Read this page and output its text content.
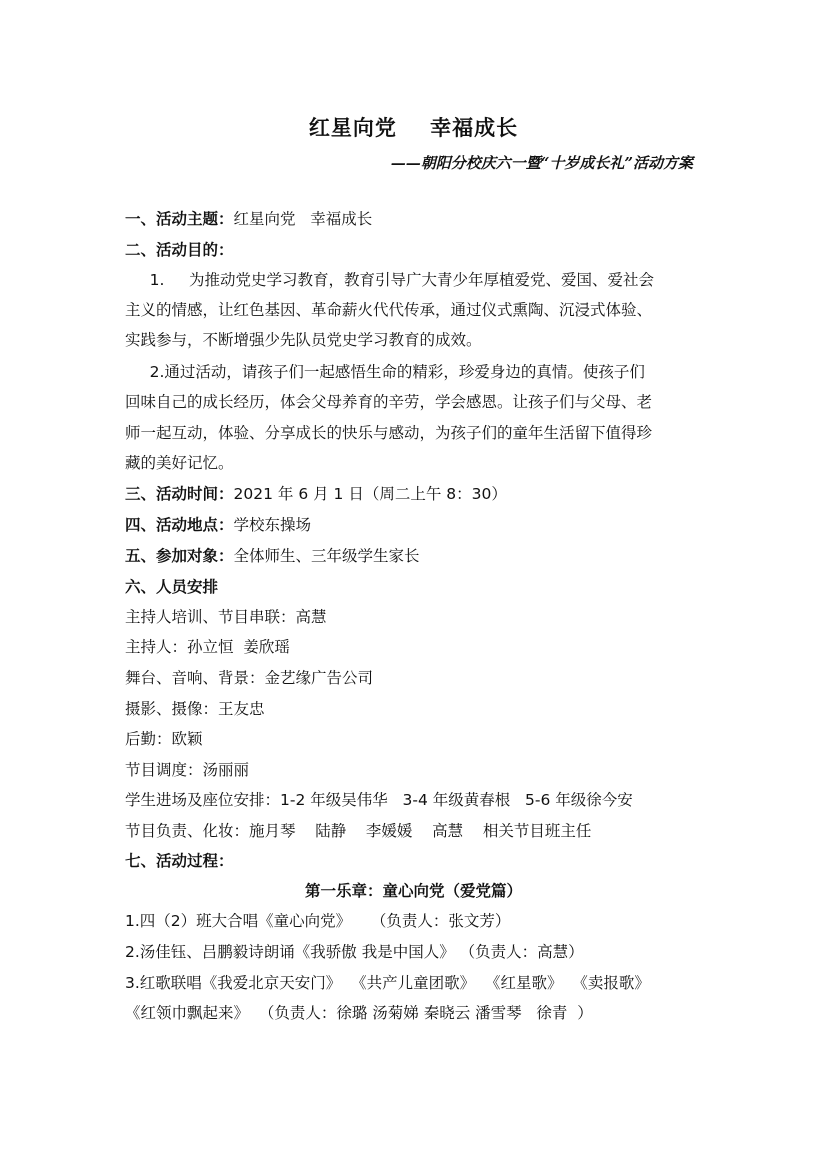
红星向党    幸福成长
——朝阳分校庆六一暨“十岁成长礼”活动方案
一、活动主题：红星向党   幸福成长
二、活动目的：
1.     为推动党史学习教育，教育引导广大青少年厚植爱党、爱国、爱社会
主义的情感，让红色基因、革命薪火代代传承，通过仪式熏陶、沉浸式体验、
实践参与，不断增强少先队员党史学习教育的成效。
2.通过活动，请孩子们一起感悟生命的精彩，珍爱身边的真情。使孩子们
回味自己的成长经历，体会父母养育的辛劳，学会感恩。让孩子们与父母、老
师一起互动，体验、分享成长的快乐与感动，为孩子们的童年生活留下值得珍
藏的美好记忆。
三、活动时间：2021 年 6 月 1 日（周二上午 8：30）
四、活动地点：学校东操场
五、参加对象：全体师生、三年级学生家长
六、人员安排
主持人培训、节目串联：高慧
主持人：孙立恒  姜欣瑶
舞台、音响、背景：金艺缘广告公司
摄影、摄像：王友忠
后勤：欧颖
节目调度：汤丽丽
学生进场及座位安排：1-2 年级吴伟华   3-4 年级黄春根   5-6 年级徐今安
节目负责、化妆：施月琴    陆静    李媛媛    高慧    相关节目班主任
七、活动过程：
第一乐章：童心向党（爱党篇）
1.四（2）班大合唱《童心向党》    （负责人：张文芳）
2.汤佳钰、吕鹏毅诗朗诵《我骄傲 我是中国人》 （负责人：高慧）
3.红歌联唱《我爱北京天安门》  《共产儿童团歌》  《红星歌》  《卖报歌》
《红领巾飘起来》  （负责人：徐璐 汤菊娣 秦晓云 潘雪琴   徐青  ）
